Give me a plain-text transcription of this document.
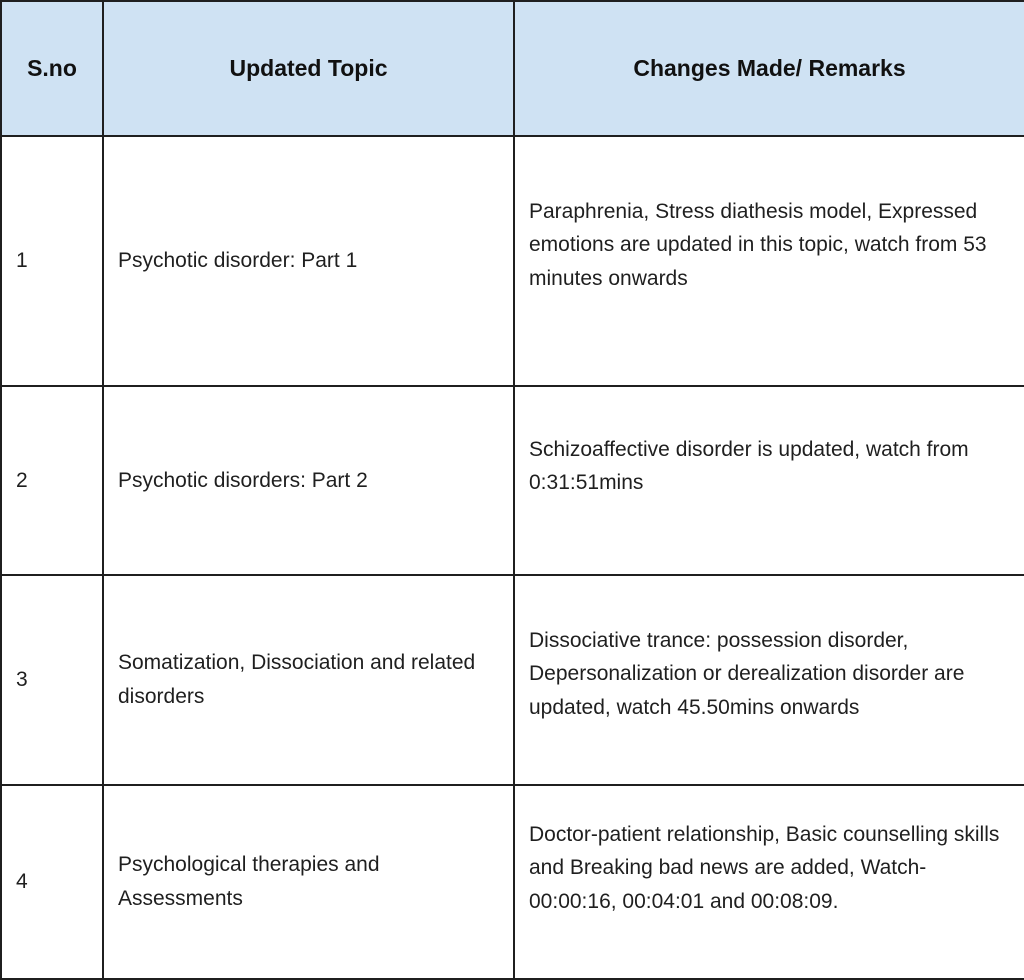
S.no	Updated Topic	Changes Made/ Remarks
1	Psychotic disorder: Part 1	Paraphrenia, Stress diathesis model, Expressed emotions are updated in this topic, watch from 53 minutes onwards

2	Psychotic disorders: Part 2	Schizoaffective disorder is updated, watch from 0:31:51mins

3	Somatization, Dissociation and related disorders	Dissociative trance: possession disorder, Depersonalization or derealization disorder are updated, watch 45.50mins onwards

4	Psychological therapies and Assessments	Doctor-patient relationship, Basic counselling skills and Breaking bad news are added, Watch- 00:00:16, 00:04:01 and 00:08:09.
